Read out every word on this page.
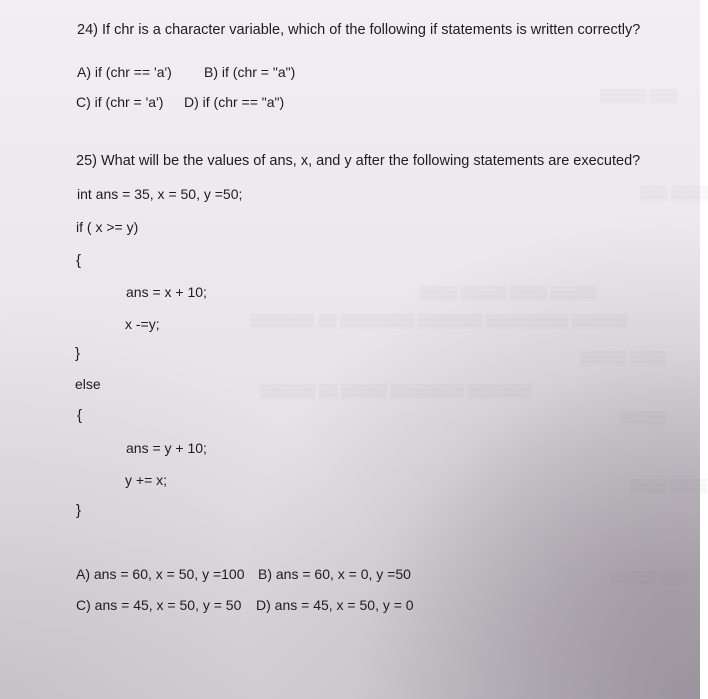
▒▒▒▒▒ ▒▒▒
▒▒▒ ▒▒▒▒
▒▒▒▒ ▒▒▒▒▒ ▒▒▒▒ ▒▒▒▒▒
▒▒▒▒▒▒▒ ▒▒ ▒▒▒▒▒▒▒▒ ▒▒▒▒▒▒▒ ▒▒▒▒▒▒▒▒▒ ▒▒▒▒▒▒
▒▒▒▒▒ ▒▒▒▒
▒▒▒▒▒▒ ▒▒ ▒▒▒▒▒ ▒▒▒▒▒▒▒▒ ▒▒▒▒▒▒▒
▒▒▒▒▒
▒▒▒▒ ▒▒▒▒
▒▒▒▒▒ ▒▒▒
24) If chr is a character variable, which of the following if statements is written correctly?
A) if (chr == 'a') B) if (chr = "a")
C) if (chr = 'a') D) if (chr == "a")
25) What will be the values of ans, x, and y after the following statements are executed?
int ans = 35, x = 50, y =50;
if ( x >= y)
{
ans = x + 10;
x -=y;
}
else
{
ans = y + 10;
y += x;
}
A) ans = 60, x = 50, y =100 B) ans = 60, x = 0, y =50
C) ans = 45, x = 50, y = 50 D) ans = 45, x = 50, y = 0
